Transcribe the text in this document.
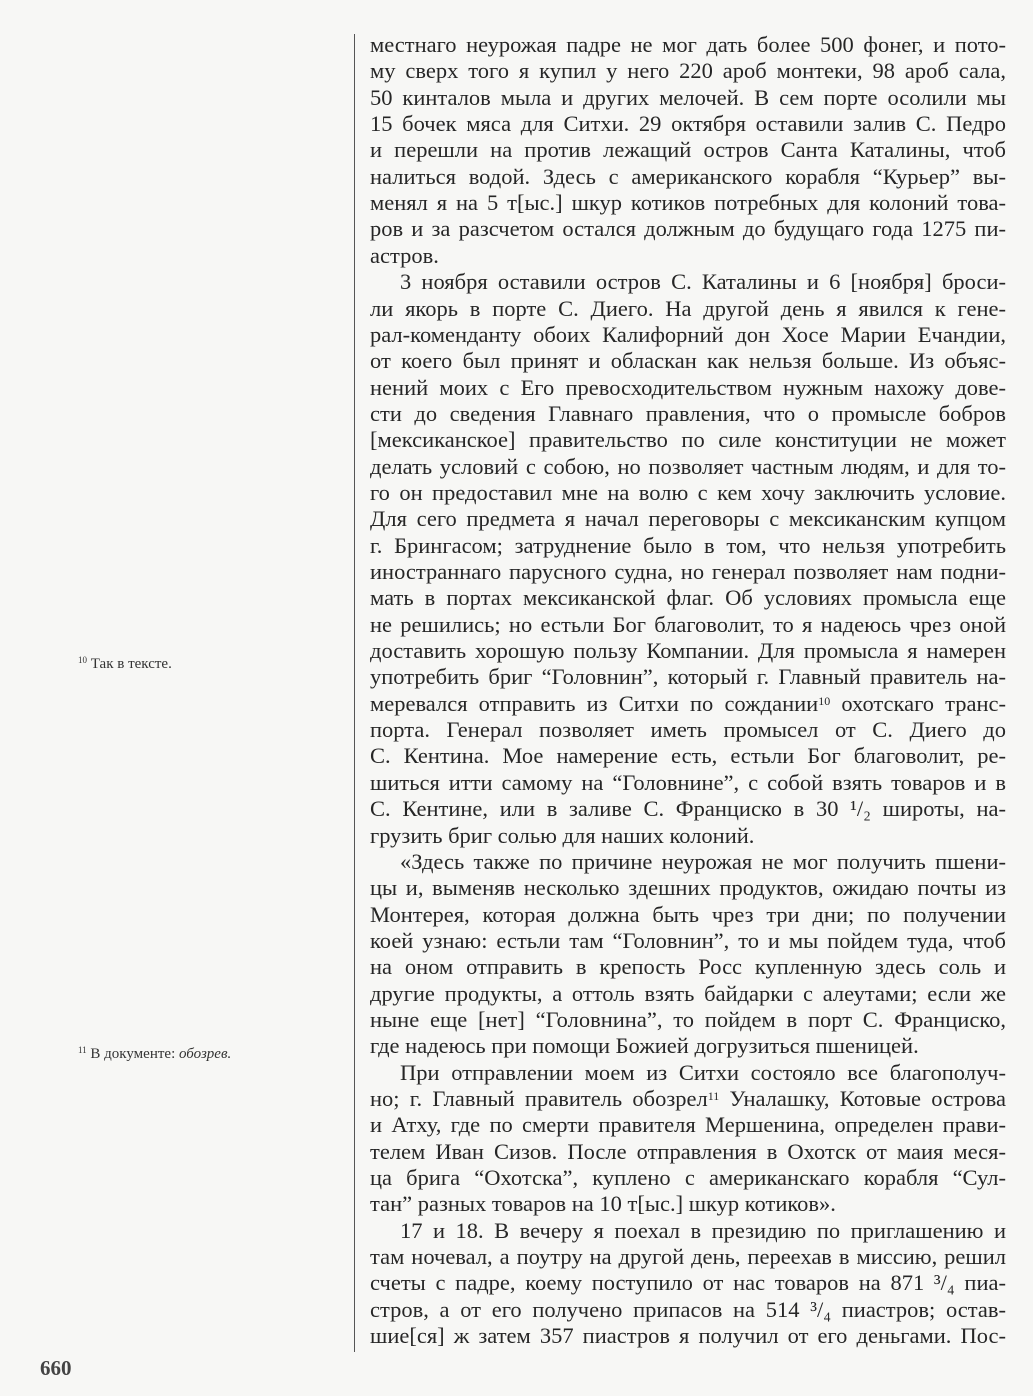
местнаго неурожая падре не мог дать более 500 фонег, и пото-
му сверх того я купил у него 220 ароб монтеки, 98 ароб сала,
50 кинталов мыла и других мелочей. В сем порте осолили мы
15 бочек мяса для Ситхи. 29 октября оставили залив С. Педро
и перешли на против лежащий остров Санта Каталины, чтоб
налиться водой. Здесь с американского корабля “Курьер” вы-
менял я на 5 т[ыс.] шкур котиков потребных для колоний това-
ров и за разсчетом остался должным до будущаго года 1275 пи-
астров.
3 ноября оставили остров С. Каталины и 6 [ноября] броси-
ли якорь в порте С. Диего. На другой день я явился к гене-
рал-коменданту обоих Калифорний дон Хосе Марии Ечандии,
от коего был принят и обласкан как нельзя больше. Из объяс-
нений моих с Его превосходительством нужным нахожу дове-
сти до сведения Главнаго правления, что о промысле бобров
[мексиканское] правительство по силе конституции не может
делать условий с собою, но позволяет частным людям, и для то-
го он предоставил мне на волю с кем хочу заключить условие.
Для сего предмета я начал переговоры с мексиканским купцом
г. Брингасом; затруднение было в том, что нельзя употребить
иностраннаго парусного судна, но генерал позволяет нам подни-
мать в портах мексиканской флаг. Об условиях промысла еще
не решились; но естьли Бог благоволит, то я надеюсь чрез оной
доставить хорошую пользу Компании. Для промысла я намерен
употребить бриг “Головнин”, который г. Главный правитель на-
меревался отправить из Ситхи по сождании$^{10}$ охотскаго транс-
порта. Генерал позволяет иметь промысел от С. Диего до
С. Кентина. Мое намерение есть, естьли Бог благоволит, ре-
шиться итти самому на “Головнине”, с собой взять товаров и в
С. Кентине, или в заливе С. Франциско в 30 ¹/₂ широты, на-
грузить бриг солью для наших колоний.
«Здесь также по причине неурожая не мог получить пшени-
цы и, выменяв несколько здешних продуктов, ожидаю почты из
Монтерея, которая должна быть чрез три дни; по получении
коей узнаю: естьли там “Головнин”, то и мы пойдем туда, чтоб
на оном отправить в крепость Росс купленную здесь соль и
другие продукты, а оттоль взять байдарки с алеутами; если же
ныне еще [нет] “Головнина”, то пойдем в порт С. Франциско,
где надеюсь при помощи Божией догрузиться пшеницей.
При отправлении моем из Ситхи состояло все благополуч-
но; г. Главный правитель обозрел$^{11}$ Уналашку, Котовые острова
и Атху, где по смерти правителя Мершенина, определен прави-
телем Иван Сизов. После отправления в Охотск от маия меся-
ца брига “Охотска”, куплено с американскаго корабля “Сул-
тан” разных товаров на 10 т[ыс.] шкур котиков».
17 и 18. В вечеру я поехал в президию по приглашению и
там ночевал, а поутру на другой день, переехав в миссию, решил
счеты с падре, коему поступило от нас товаров на 871 ³/₄ пиа-
стров, а от его получено припасов на 514 ³/₄ пиастров; остав-
шие[ся] ж затем 357 пиастров я получил от его деньгами. Пос-
$^{10}$ Так в тексте.
$^{11}$ В документе: обозрев.
660
